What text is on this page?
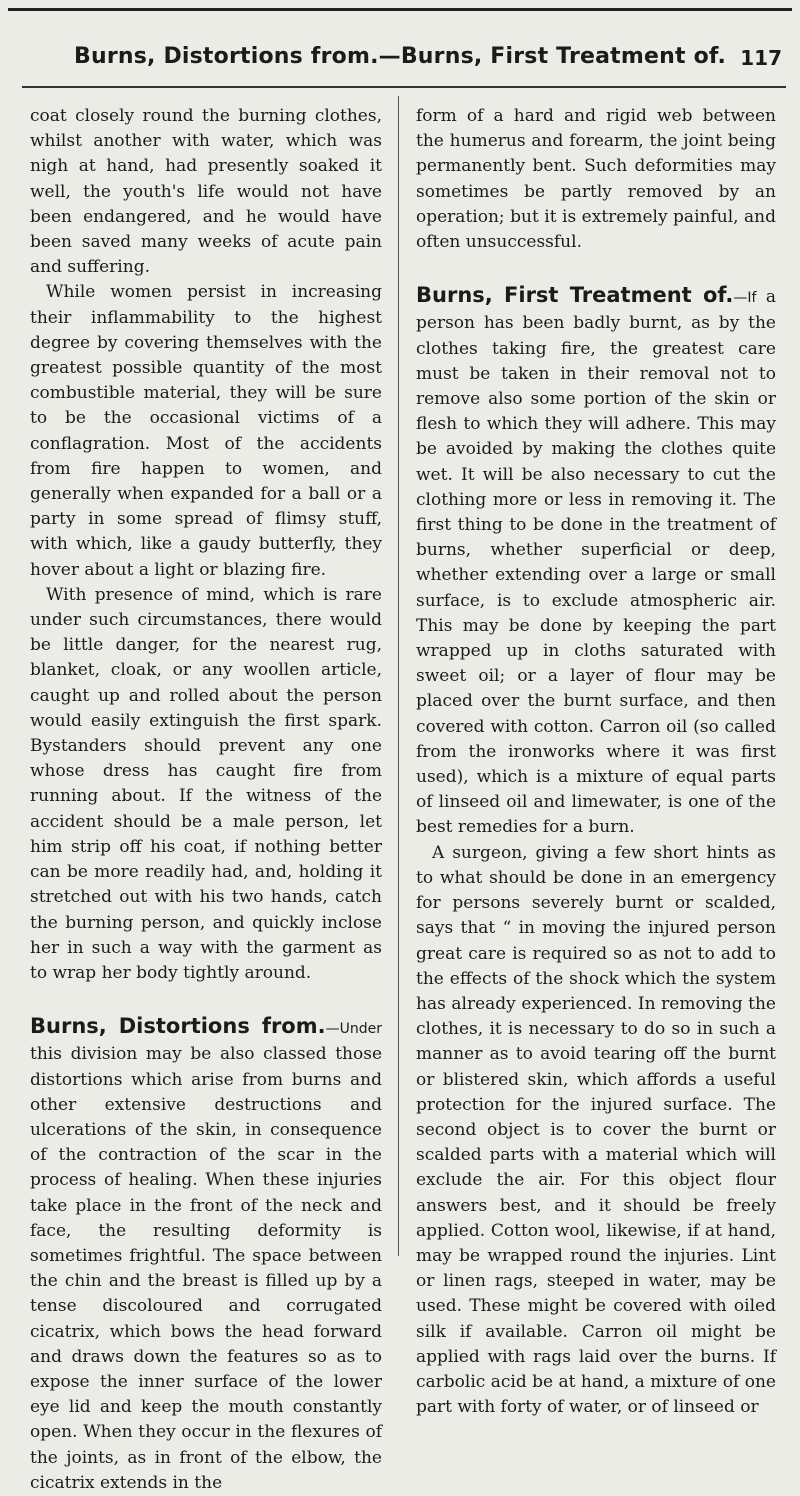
Burns, Distortions from.—Burns, First Treatment of. 117

coat closely round the burning clothes, whilst another with water, which was nigh at hand, had presently soaked it well, the youth's life would not have been endangered, and he would have been saved many weeks of acute pain and suffering.

While women persist in increasing their inflammability to the highest degree by covering themselves with the greatest possible quantity of the most combustible material, they will be sure to be the occasional victims of a conflagration. Most of the accidents from fire happen to women, and generally when expanded for a ball or a party in some spread of flimsy stuff, with which, like a gaudy butterfly, they hover about a light or blazing fire.

With presence of mind, which is rare under such circumstances, there would be little danger, for the nearest rug, blanket, cloak, or any woollen article, caught up and rolled about the person would easily extinguish the first spark. Bystanders should prevent any one whose dress has caught fire from running about. If the witness of the accident should be a male person, let him strip off his coat, if nothing better can be more readily had, and, holding it stretched out with his two hands, catch the burning person, and quickly inclose her in such a way with the garment as to wrap her body tightly around.

Burns, Distortions from.—Under this division may be also classed those distortions which arise from burns and other extensive destructions and ulcerations of the skin, in consequence of the contraction of the scar in the process of healing. When these injuries take place in the front of the neck and face, the resulting deformity is sometimes frightful. The space between the chin and the breast is filled up by a tense discoloured and corrugated cicatrix, which bows the head forward and draws down the features so as to expose the inner surface of the lower eye lid and keep the mouth constantly open. When they occur in the flexures of the joints, as in front of the elbow, the cicatrix extends in the

form of a hard and rigid web between the humerus and forearm, the joint being permanently bent. Such deformities may sometimes be partly removed by an operation; but it is extremely painful, and often unsuccessful.

Burns, First Treatment of.—If a person has been badly burnt, as by the clothes taking fire, the greatest care must be taken in their removal not to remove also some portion of the skin or flesh to which they will adhere. This may be avoided by making the clothes quite wet. It will be also necessary to cut the clothing more or less in removing it. The first thing to be done in the treatment of burns, whether superficial or deep, whether extending over a large or small surface, is to exclude atmospheric air. This may be done by keeping the part wrapped up in cloths saturated with sweet oil; or a layer of flour may be placed over the burnt surface, and then covered with cotton. Carron oil (so called from the ironworks where it was first used), which is a mixture of equal parts of linseed oil and limewater, is one of the best remedies for a burn.

A surgeon, giving a few short hints as to what should be done in an emergency for persons severely burnt or scalded, says that “ in moving the injured person great care is required so as not to add to the effects of the shock which the system has already experienced. In removing the clothes, it is necessary to do so in such a manner as to avoid tearing off the burnt or blistered skin, which affords a useful protection for the injured surface. The second object is to cover the burnt or scalded parts with a material which will exclude the air. For this object flour answers best, and it should be freely applied. Cotton wool, likewise, if at hand, may be wrapped round the injuries. Lint or linen rags, steeped in water, may be used. These might be covered with oiled silk if available. Carron oil might be applied with rags laid over the burns. If carbolic acid be at hand, a mixture of one part with forty of water, or of linseed or
